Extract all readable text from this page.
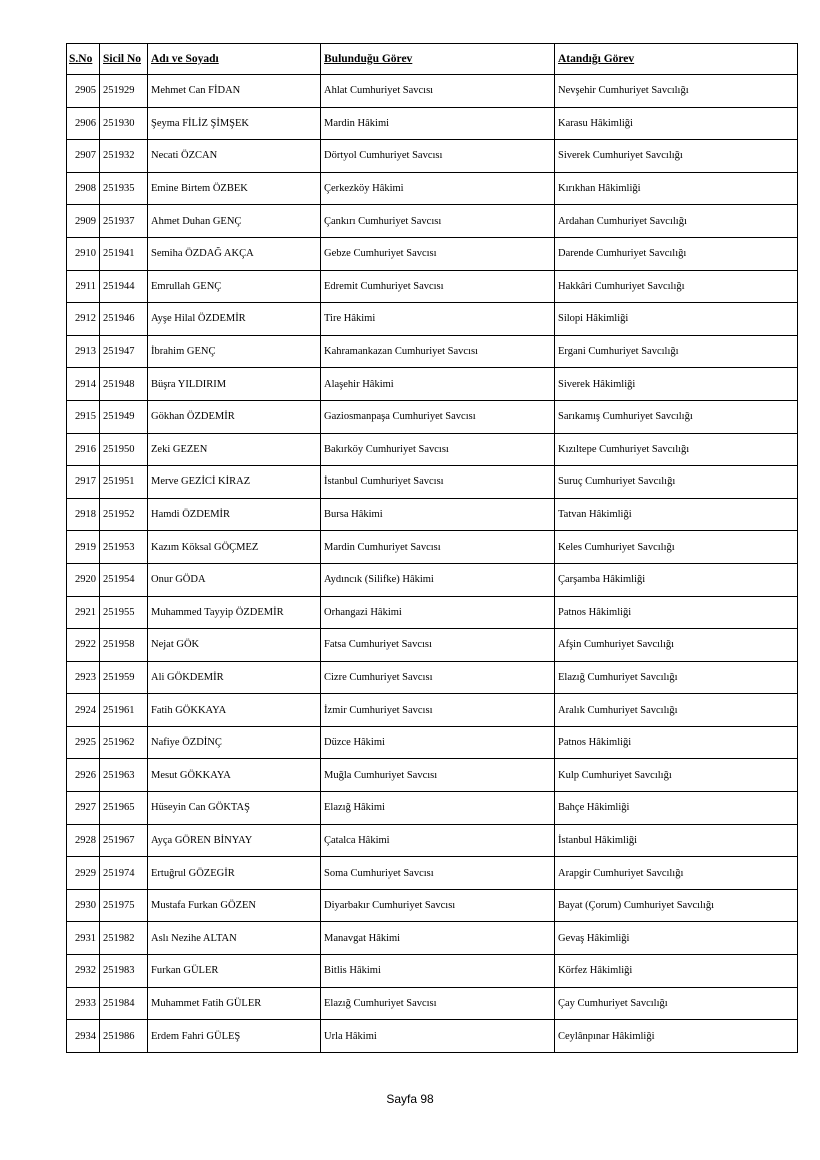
S.No	Sicil No	Adı ve Soyadı	Bulunduğu Görev	Atandığı Görev
2905	251929	Mehmet Can FİDAN	Ahlat Cumhuriyet Savcısı	Nevşehir Cumhuriyet Savcılığı
2906	251930	Şeyma FİLİZ ŞİMŞEK	Mardin Hâkimi	Karasu Hâkimliği
2907	251932	Necati ÖZCAN	Dörtyol Cumhuriyet Savcısı	Siverek Cumhuriyet Savcılığı
2908	251935	Emine Birtem ÖZBEK	Çerkezköy Hâkimi	Kırıkhan Hâkimliği
2909	251937	Ahmet Duhan GENÇ	Çankırı Cumhuriyet Savcısı	Ardahan Cumhuriyet Savcılığı
2910	251941	Semiha ÖZDAĞ AKÇA	Gebze Cumhuriyet Savcısı	Darende Cumhuriyet Savcılığı
2911	251944	Emrullah GENÇ	Edremit Cumhuriyet Savcısı	Hakkâri Cumhuriyet Savcılığı
2912	251946	Ayşe Hilal ÖZDEMİR	Tire Hâkimi	Silopi Hâkimliği
2913	251947	İbrahim GENÇ	Kahramankazan Cumhuriyet Savcısı	Ergani Cumhuriyet Savcılığı
2914	251948	Büşra YILDIRIM	Alaşehir Hâkimi	Siverek Hâkimliği
2915	251949	Gökhan ÖZDEMİR	Gaziosmanpaşa Cumhuriyet Savcısı	Sarıkamış Cumhuriyet Savcılığı
2916	251950	Zeki GEZEN	Bakırköy Cumhuriyet Savcısı	Kızıltepe Cumhuriyet Savcılığı
2917	251951	Merve GEZİCİ KİRAZ	İstanbul Cumhuriyet Savcısı	Suruç Cumhuriyet Savcılığı
2918	251952	Hamdi ÖZDEMİR	Bursa Hâkimi	Tatvan Hâkimliği
2919	251953	Kazım Köksal GÖÇMEZ	Mardin Cumhuriyet Savcısı	Keles Cumhuriyet Savcılığı
2920	251954	Onur GÖDA	Aydıncık (Silifke) Hâkimi	Çarşamba Hâkimliği
2921	251955	Muhammed Tayyip ÖZDEMİR	Orhangazi Hâkimi	Patnos Hâkimliği
2922	251958	Nejat GÖK	Fatsa Cumhuriyet Savcısı	Afşin Cumhuriyet Savcılığı
2923	251959	Ali GÖKDEMİR	Cizre Cumhuriyet Savcısı	Elazığ Cumhuriyet Savcılığı
2924	251961	Fatih GÖKKAYA	İzmir Cumhuriyet Savcısı	Aralık Cumhuriyet Savcılığı
2925	251962	Nafiye ÖZDİNÇ	Düzce Hâkimi	Patnos Hâkimliği
2926	251963	Mesut GÖKKAYA	Muğla Cumhuriyet Savcısı	Kulp Cumhuriyet Savcılığı
2927	251965	Hüseyin Can GÖKTAŞ	Elazığ Hâkimi	Bahçe Hâkimliği
2928	251967	Ayça GÖREN BİNYAY	Çatalca Hâkimi	İstanbul Hâkimliği
2929	251974	Ertuğrul GÖZEGİR	Soma Cumhuriyet Savcısı	Arapgir Cumhuriyet Savcılığı
2930	251975	Mustafa Furkan GÖZEN	Diyarbakır Cumhuriyet Savcısı	Bayat (Çorum) Cumhuriyet Savcılığı
2931	251982	Aslı Nezihe ALTAN	Manavgat Hâkimi	Gevaş Hâkimliği
2932	251983	Furkan GÜLER	Bitlis Hâkimi	Körfez Hâkimliği
2933	251984	Muhammet Fatih GÜLER	Elazığ Cumhuriyet Savcısı	Çay Cumhuriyet Savcılığı
2934	251986	Erdem Fahri GÜLEŞ	Urla Hâkimi	Ceylânpınar Hâkimliği
Sayfa 98
